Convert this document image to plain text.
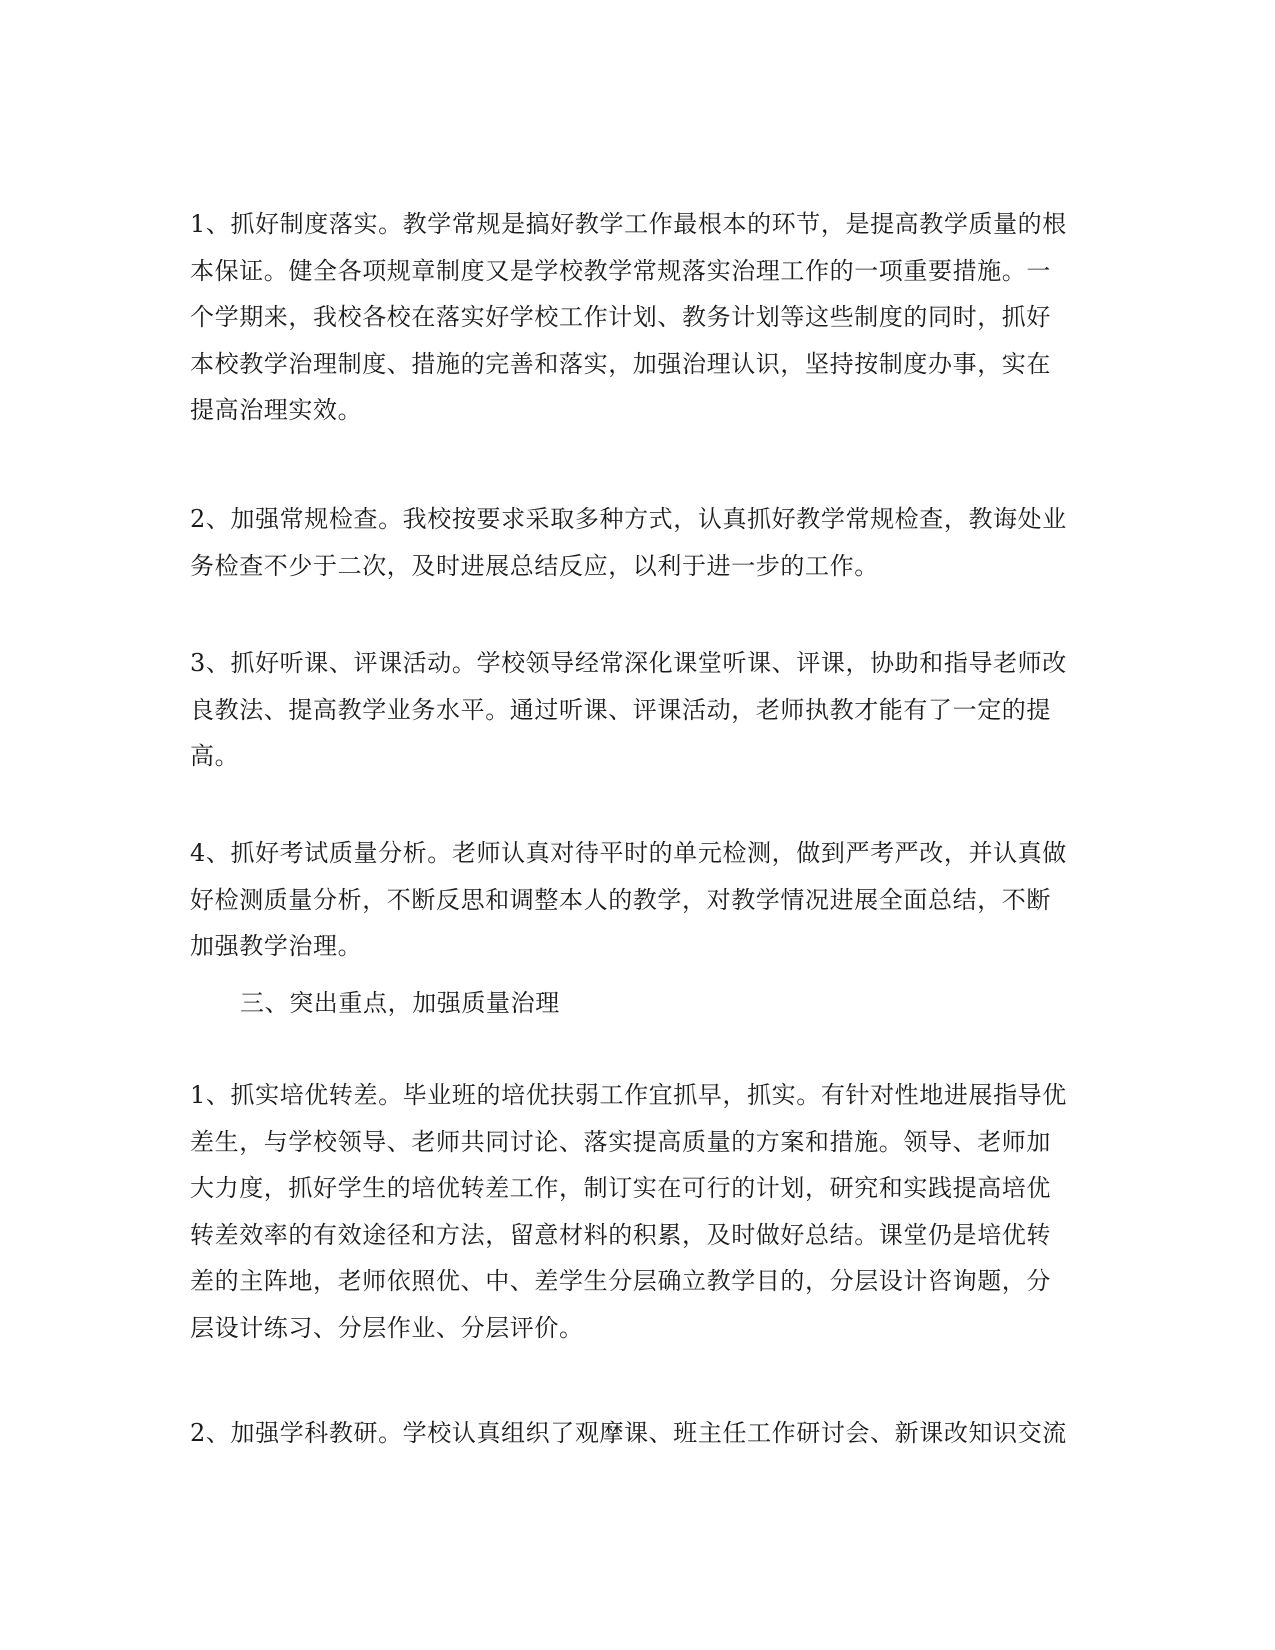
1、抓好制度落实。教学常规是搞好教学工作最根本的环节，是提高教学质量的根本保证。健全各项规章制度又是学校教学常规落实治理工作的一项重要措施。一个学期来，我校各校在落实好学校工作计划、教务计划等这些制度的同时，抓好本校教学治理制度、措施的完善和落实，加强治理认识，坚持按制度办事，实在提高治理实效。

2、加强常规检查。我校按要求采取多种方式，认真抓好教学常规检查，教诲处业务检查不少于二次，及时进展总结反应，以利于进一步的工作。

3、抓好听课、评课活动。学校领导经常深化课堂听课、评课，协助和指导老师改良教法、提高教学业务水平。通过听课、评课活动，老师执教才能有了一定的提高。

4、抓好考试质量分析。老师认真对待平时的单元检测，做到严考严改，并认真做好检测质量分析，不断反思和调整本人的教学，对教学情况进展全面总结，不断加强教学治理。

三、突出重点，加强质量治理

1、抓实培优转差。毕业班的培优扶弱工作宜抓早，抓实。有针对性地进展指导优差生，与学校领导、老师共同讨论、落实提高质量的方案和措施。领导、老师加大力度，抓好学生的培优转差工作，制订实在可行的计划，研究和实践提高培优转差效率的有效途径和方法，留意材料的积累，及时做好总结。课堂仍是培优转差的主阵地，老师依照优、中、差学生分层确立教学目的，分层设计咨询题，分层设计练习、分层作业、分层评价。

2、加强学科教研。学校认真组织了观摩课、班主任工作研讨会、新课改知识交流
